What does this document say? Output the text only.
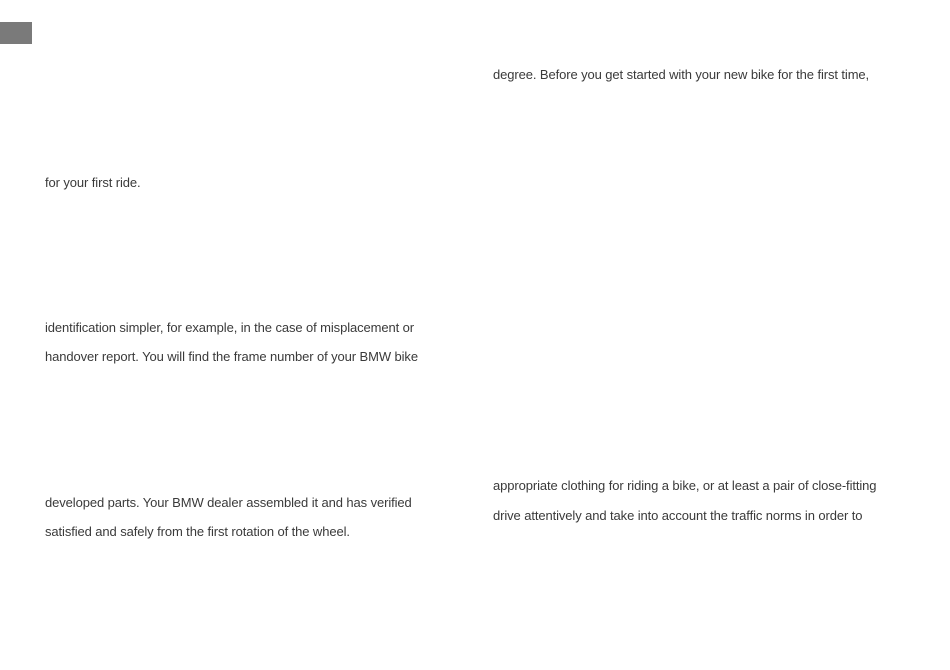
degree. Before you get started with your new bike for the first time,
for your first ride.
identification simpler, for example, in the case of misplacement or
handover report. You will find the frame number of your BMW bike
appropriate clothing for riding a bike, or at least a pair of close-fitting
drive attentively and take into account the traffic norms in order to
developed parts. Your BMW dealer assembled it and has verified
satisfied and safely from the first rotation of the wheel.
